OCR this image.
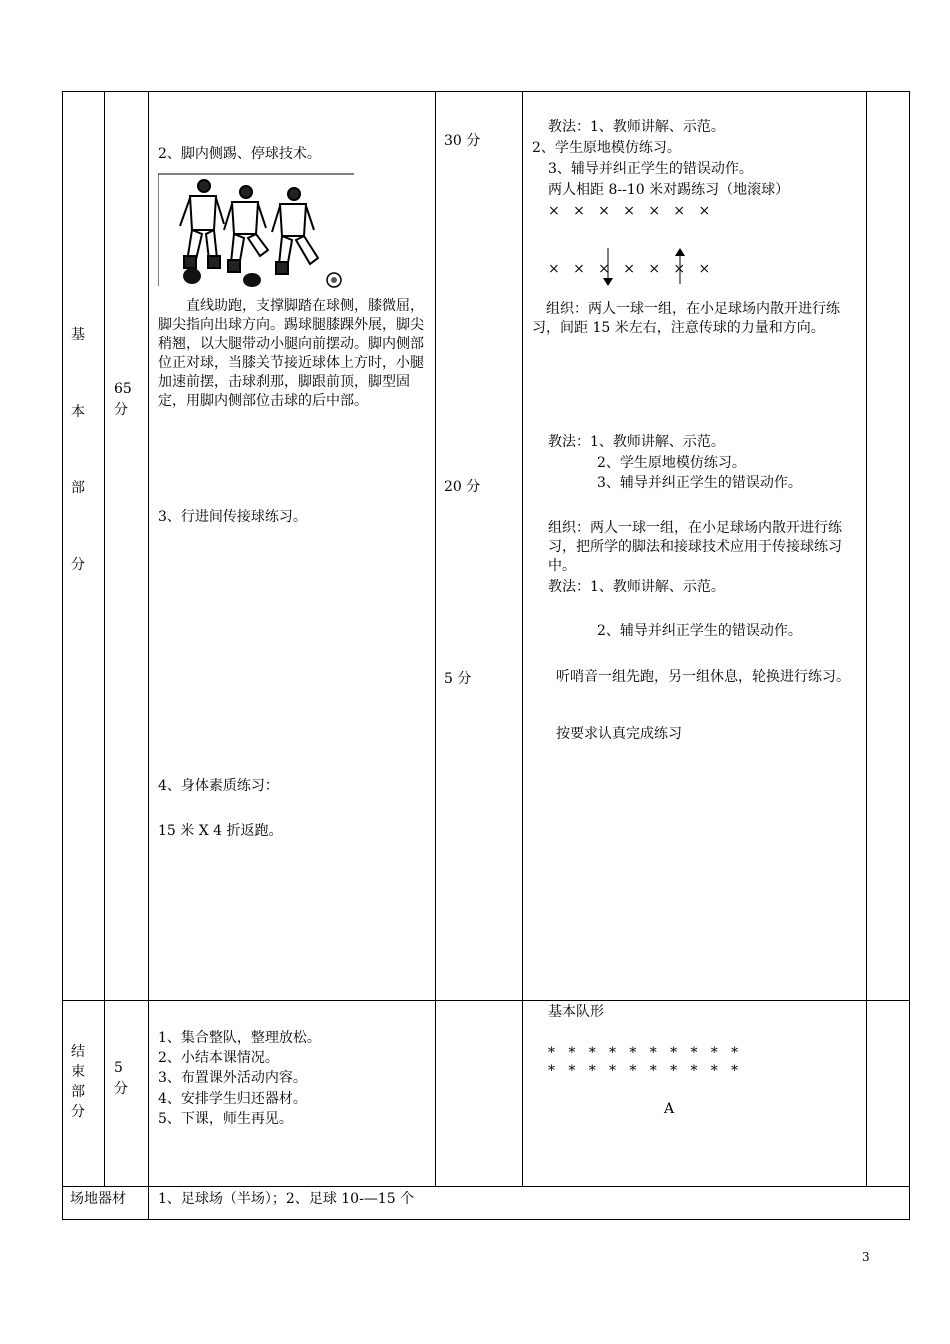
基
本
部
分
65
分
2、脚内侧踢、停球技术。
直线助跑，支撑脚踏在球侧，膝微屈，脚尖指向出球方向。踢球腿膝踝外展，脚尖稍翘，以大腿带动小腿向前摆动。脚内侧部位正对球，当膝关节接近球体上方时，小腿加速前摆，击球刹那，脚跟前顶，脚型固定，用脚内侧部位击球的后中部。
3、行进间传接球练习。
4、身体素质练习：
15 米 X 4 折返跑。
30 分
20 分
5 分
教法：1、教师讲解、示范。
2、学生原地模仿练习。
3、辅导并纠正学生的错误动作。
两人相距 8--10 米对踢练习（地滚球）
×   ×   ×   ×   ×   ×   ×
×   ×   ×   ×   ×   ×   ×
组织：两人一球一组，在小足球场内散开进行练习，间距 15 米左右，注意传球的力量和方向。
教法：1、教师讲解、示范。
2、学生原地模仿练习。
3、辅导并纠正学生的错误动作。
组织：两人一球一组，在小足球场内散开进行练习，把所学的脚法和接球技术应用于传接球练习中。
教法：1、教师讲解、示范。
2、辅导并纠正学生的错误动作。
听哨音一组先跑，另一组休息，轮换进行练习。
按要求认真完成练习
结
束
部
分
5
分
1、集合整队，整理放松。
2、小结本课情况。
3、布置课外活动内容。
4、安排学生归还器材。
5、下课，师生再见。
基本队形
*   *   *   *   *   *   *   *   *   *
*   *   *   *   *   *   *   *   *   *
A
场地器材 1、足球场（半场）；2、足球 10-—15 个
3
